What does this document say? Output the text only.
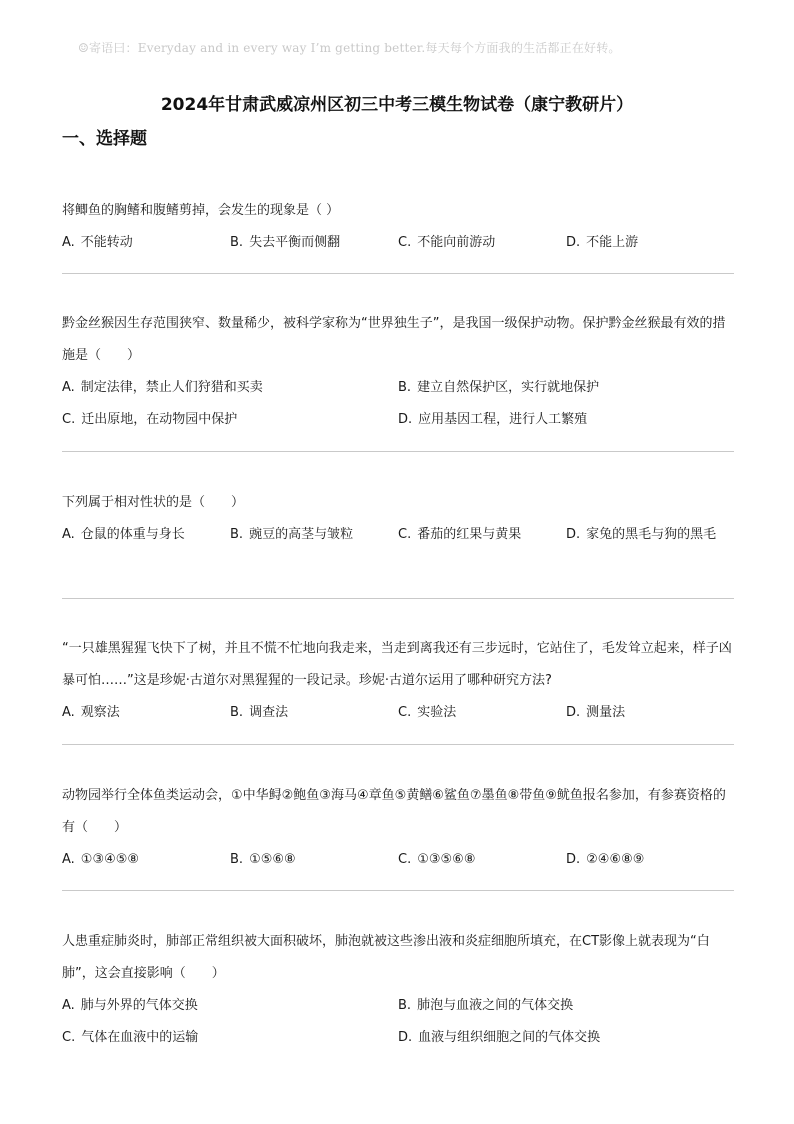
☺寄语曰：Everyday and in every way I’m getting better.每天每个方面我的生活都正在好转。
2024年甘肃武威凉州区初三中考三模生物试卷（康宁教研片）
一、选择题
将鲫鱼的胸鳍和腹鳍剪掉，会发生的现象是（ ）
A. 不能转动	B. 失去平衡而侧翻	C. 不能向前游动	D. 不能上游
黔金丝猴因生存范围狭窄、数量稀少，被科学家称为“世界独生子”，是我国一级保护动物。保护黔金丝猴最有效的措施是（　　）
A. 制定法律，禁止人们狩猎和买卖	B. 建立自然保护区，实行就地保护
C. 迁出原地，在动物园中保护	D. 应用基因工程，进行人工繁殖
下列属于相对性状的是（　　）
A. 仓鼠的体重与身长	B. 豌豆的高茎与皱粒	C. 番茄的红果与黄果	D. 家兔的黑毛与狗的黑毛
“一只雄黑猩猩飞快下了树，并且不慌不忙地向我走来，当走到离我还有三步远时，它站住了，毛发耸立起来，样子凶暴可怕……”这是珍妮·古道尔对黑猩猩的一段记录。珍妮·古道尔运用了哪种研究方法?
A. 观察法	B. 调查法	C. 实验法	D. 测量法
动物园举行全体鱼类运动会，①中华鲟②鲍鱼③海马④章鱼⑤黄鳝⑥鲨鱼⑦墨鱼⑧带鱼⑨鱿鱼报名参加，有参赛资格的有（　　）
A. ①③④⑤⑧	B. ①⑤⑥⑧	C. ①③⑤⑥⑧	D. ②④⑥⑧⑨
人患重症肺炎时，肺部正常组织被大面积破坏，肺泡就被这些渗出液和炎症细胞所填充，在CT影像上就表现为“白肺”，这会直接影响（　　）
A. 肺与外界的气体交换	B. 肺泡与血液之间的气体交换
C. 气体在血液中的运输	D. 血液与组织细胞之间的气体交换
